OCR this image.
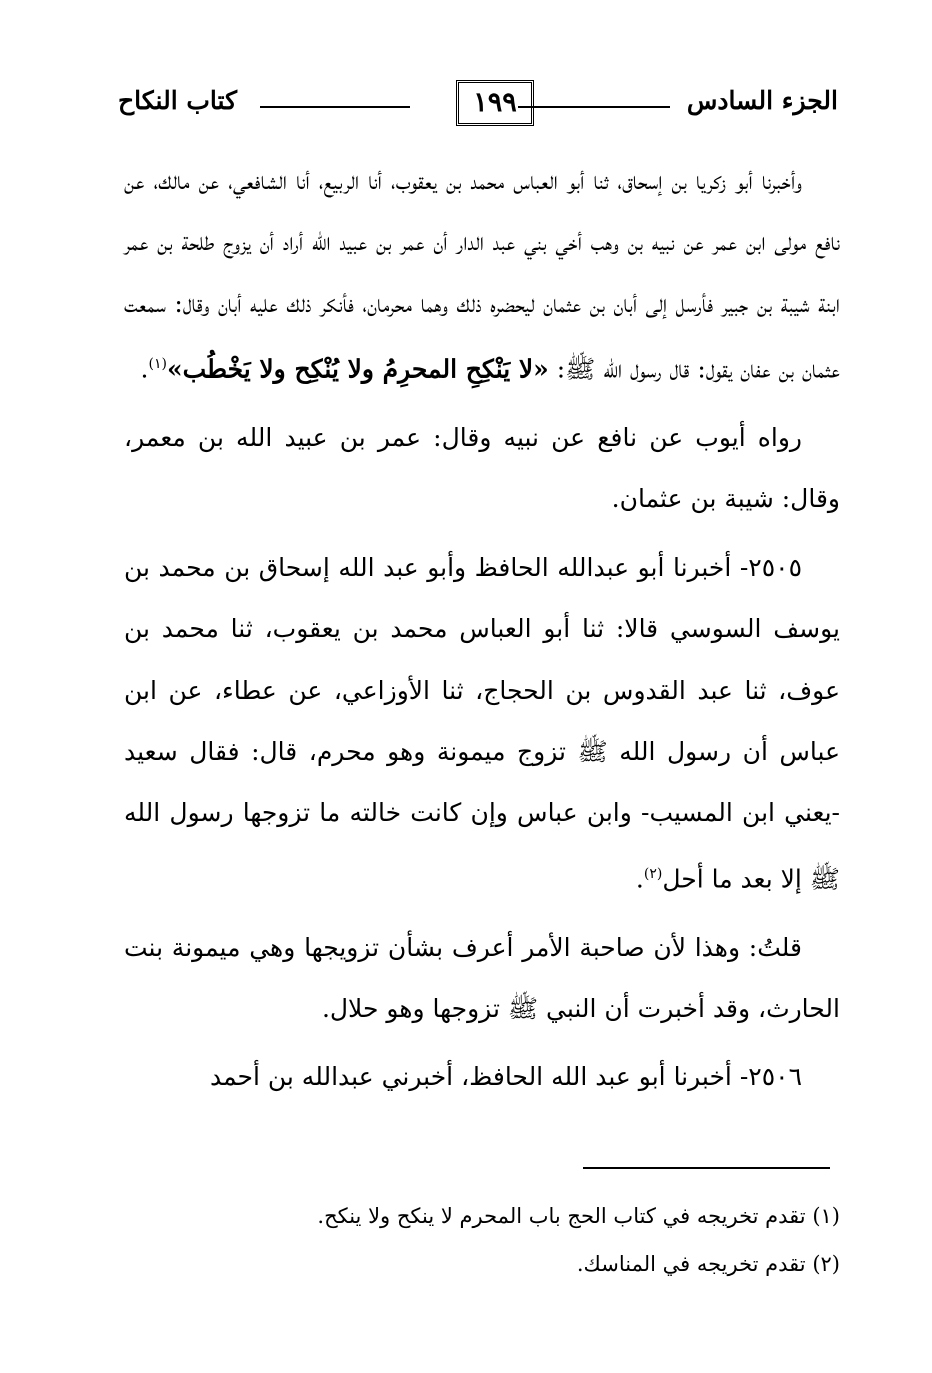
الجزء السادس
١٩٩
كتاب النكاح

وأخبرنا أبو زكريا بن إسحاق، ثنا أبو العباس محمد بن يعقوب، أنا الربيع، أنا الشافعي، عن مالك، عن نافع مولى ابن عمر عن نبيه بن وهب أخي بني عبد الدار أن عمر بن عبيد الله أراد أن يزوج طلحة بن عمر ابنة شيبة بن جبير فأرسل إلى أبان بن عثمان ليحضره ذلك وهما محرمان، فأنكر ذلك عليه أبان وقال: سمعت عثمان بن عفان يقول: قال رسول الله ﷺ: «لا يَنْكِحِ المحرِمُ ولا يُنْكِح ولا يَخْطُب»$^{(١)}$.

رواه أيوب عن نافع عن نبيه وقال: عمر بن عبيد الله بن معمر، وقال: شيبة بن عثمان.

٢٥٠٥- أخبرنا أبو عبدالله الحافظ وأبو عبد الله إسحاق بن محمد بن يوسف السوسي قالا: ثنا أبو العباس محمد بن يعقوب، ثنا محمد بن عوف، ثنا عبد القدوس بن الحجاج، ثنا الأوزاعي، عن عطاء، عن ابن عباس أن رسول الله ﷺ تزوج ميمونة وهو محرم، قال: فقال سعيد -يعني ابن المسيب- وابن عباس وإن كانت خالته ما تزوجها رسول الله ﷺ إلا بعد ما أحل$^{(٢)}$.

قلتُ: وهذا لأن صاحبة الأمر أعرف بشأن تزويجها وهي ميمونة بنت الحارث، وقد أخبرت أن النبي ﷺ تزوجها وهو حلال.

٢٥٠٦- أخبرنا أبو عبد الله الحافظ، أخبرني عبدالله بن أحمد

(١) تقدم تخريجه في كتاب الحج باب المحرم لا ينكح ولا ينكح.

(٢) تقدم تخريجه في المناسك.
